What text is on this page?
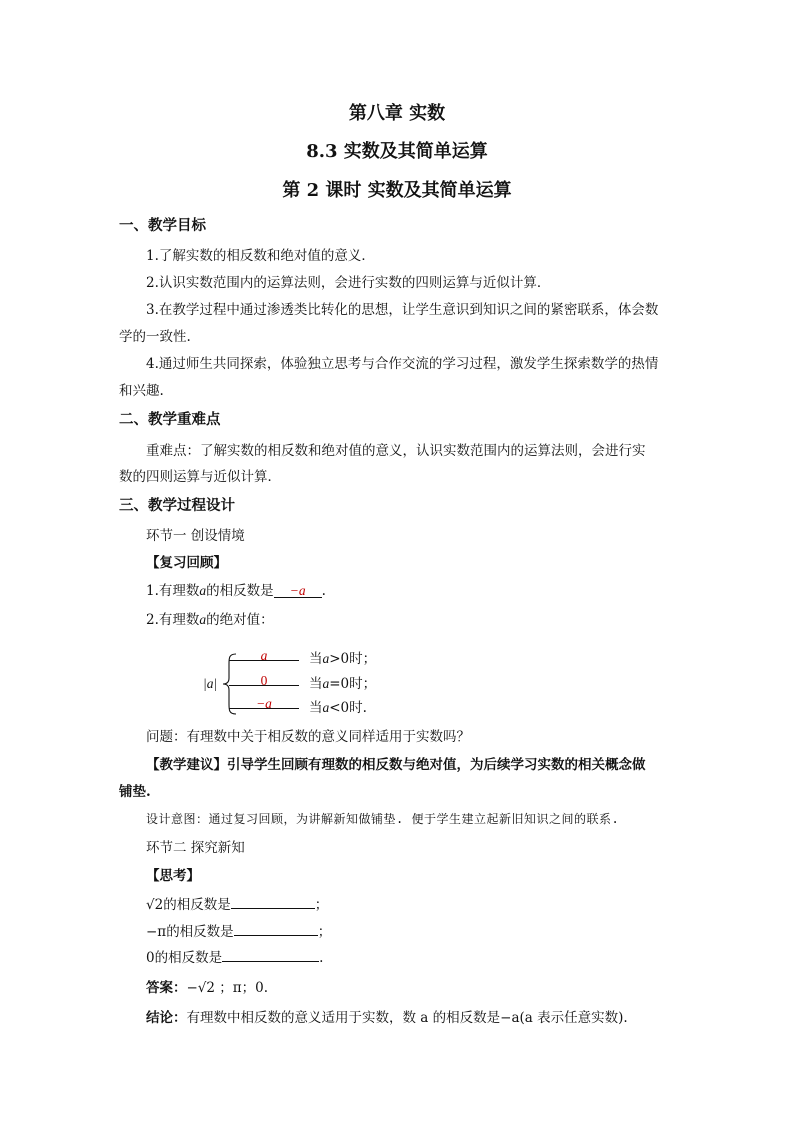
第八章 实数
8.3 实数及其简单运算
第 2 课时 实数及其简单运算
一、教学目标
1.了解实数的相反数和绝对值的意义．
2.认识实数范围内的运算法则，会进行实数的四则运算与近似计算．
3.在教学过程中通过渗透类比转化的思想，让学生意识到知识之间的紧密联系，体会数
学的一致性.
4.通过师生共同探索，体验独立思考与合作交流的学习过程，激发学生探索数学的热情
和兴趣.
二、教学重难点
重难点：了解实数的相反数和绝对值的意义，认识实数范围内的运算法则，会进行实
数的四则运算与近似计算．
三、教学过程设计
环节一 创设情境
【复习回顾】
1.有理数a的相反数是 −a .
2.有理数a的绝对值：
|a|
a	当a>0时；
0	当a=0时；
−a	当a<0时.
问题：有理数中关于相反数的意义同样适用于实数吗？
【教学建议】引导学生回顾有理数的相反数与绝对值，为后续学习实数的相关概念做
铺垫.
设计意图：通过复习回顾，为讲解新知做铺垫. 便于学生建立起新旧知识之间的联系.
环节二 探究新知
【思考】
√2的相反数是	；
−π的相反数是	；
0的相反数是	.
答案：−√2 ；π；0.
结论：有理数中相反数的意义适用于实数，数 a 的相反数是−a(a 表示任意实数).
